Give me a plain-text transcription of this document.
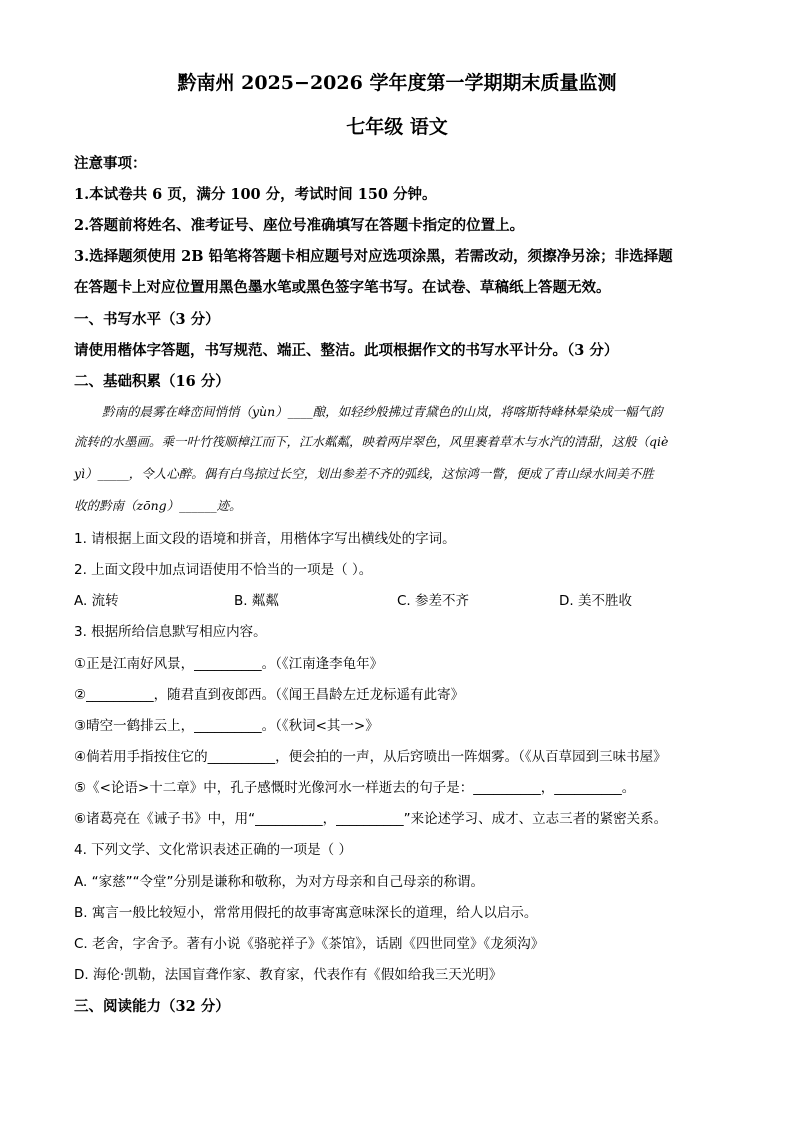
黔南州 2025−2026 学年度第一学期期末质量监测
七年级 语文
注意事项：
1.本试卷共 6 页，满分 100 分，考试时间 150 分钟。
2.答题前将姓名、准考证号、座位号准确填写在答题卡指定的位置上。
3.选择题须使用 2B 铅笔将答题卡相应题号对应选项涂黑，若需改动，须擦净另涂；非选择题
在答题卡上对应位置用黑色墨水笔或黑色签字笔书写。在试卷、草稿纸上答题无效。
一、书写水平（3 分）
请使用楷体字答题，书写规范、端正、整洁。此项根据作文的书写水平计分。（3 分）
二、基础积累（16 分）
黔南的晨雾在峰峦间悄悄（yùn）____酿，如轻纱般拂过青黛色的山岚，将喀斯特峰林晕染成一幅气韵
流转的水墨画。乘一叶竹筏顺樟江而下，江水粼粼，映着两岸翠色，风里裹着草木与水汽的清甜，这般（qiè
yì）_____，令人心醉。偶有白鸟掠过长空，划出参差不齐的弧线，这惊鸿一瞥，便成了青山绿水间美不胜
收的黔南（zōng）______迹。
1. 请根据上面文段的语境和拼音，用楷体字写出横线处的字词。
2. 上面文段中加点词语使用不恰当的一项是（ ）。
A. 流转	B. 粼粼	C. 参差不齐	D. 美不胜收
3. 根据所给信息默写相应内容。
①正是江南好风景，__________。（《江南逢李龟年》
②__________，随君直到夜郎西。（《闻王昌龄左迁龙标遥有此寄》
③晴空一鹤排云上，__________。（《秋词<其一>》
④倘若用手指按住它的__________，便会拍的一声，从后窍喷出一阵烟雾。（《从百草园到三味书屋》
⑤《<论语>十二章》中，孔子感慨时光像河水一样逝去的句子是：__________，__________。
⑥诸葛亮在《诫子书》中，用“__________，__________”来论述学习、成才、立志三者的紧密关系。
4. 下列文学、文化常识表述正确的一项是（ ）
A. “家慈”“令堂”分别是谦称和敬称，为对方母亲和自己母亲的称谓。
B. 寓言一般比较短小，常常用假托的故事寄寓意味深长的道理，给人以启示。
C. 老舍，字舍予。著有小说《骆驼祥子》《茶馆》，话剧《四世同堂》《龙须沟》
D. 海伦·凯勒，法国盲聋作家、教育家，代表作有《假如给我三天光明》
三、阅读能力（32 分）
